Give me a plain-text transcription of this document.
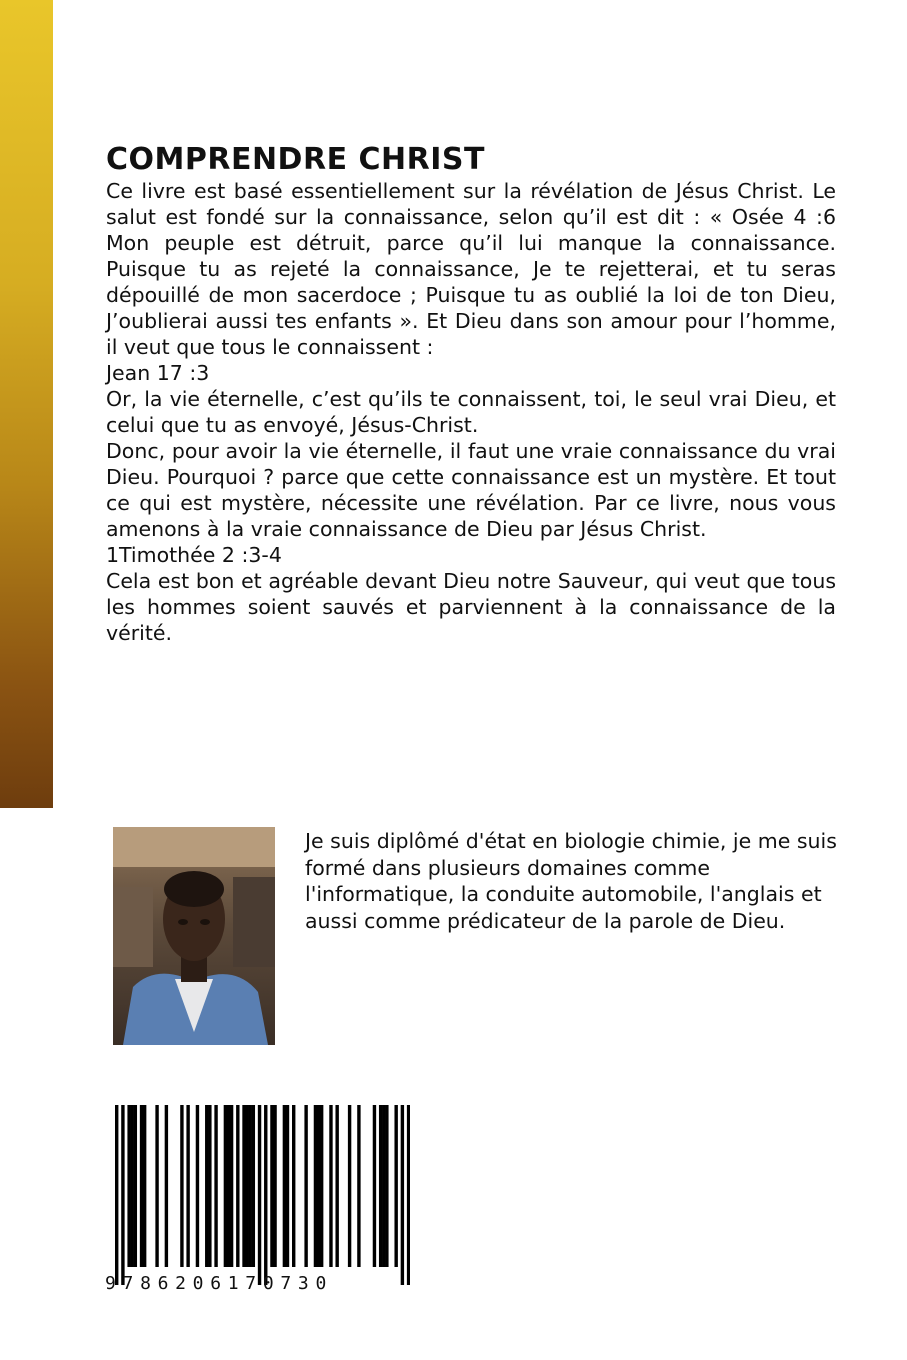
COMPRENDRE CHRIST

Ce livre est basé essentiellement sur la révélation de Jésus Christ. Le salut est fondé sur la connaissance, selon qu’il est dit : « Osée 4 :6 Mon peuple est détruit, parce qu’il lui manque la connaissance. Puisque tu as rejeté la connaissance, Je te rejetterai, et tu seras dépouillé de mon sacerdoce ; Puisque tu as oublié la loi de ton Dieu, J’oublierai aussi tes enfants ». Et Dieu dans son amour pour l’homme, il veut que tous le connaissent :

Jean 17 :3

Or, la vie éternelle, c’est qu’ils te connaissent, toi, le seul vrai Dieu, et celui que tu as envoyé, Jésus-Christ.

Donc, pour avoir la vie éternelle, il faut une vraie connaissance du vrai Dieu. Pourquoi ? parce que cette connaissance est un mystère. Et tout ce qui est mystère, nécessite une révélation. Par ce livre, nous vous amenons à la vraie connaissance de Dieu par Jésus Christ.

1Timothée 2 :3-4

Cela est bon et agréable devant Dieu notre Sauveur, qui veut que tous les hommes soient sauvés et parviennent à la connaissance de la vérité.

Je suis diplômé d'état en biologie chimie, je me suis formé dans plusieurs domaines comme l'informatique, la conduite automobile, l'anglais et aussi comme prédicateur de la parole de Dieu.
9786206170730
